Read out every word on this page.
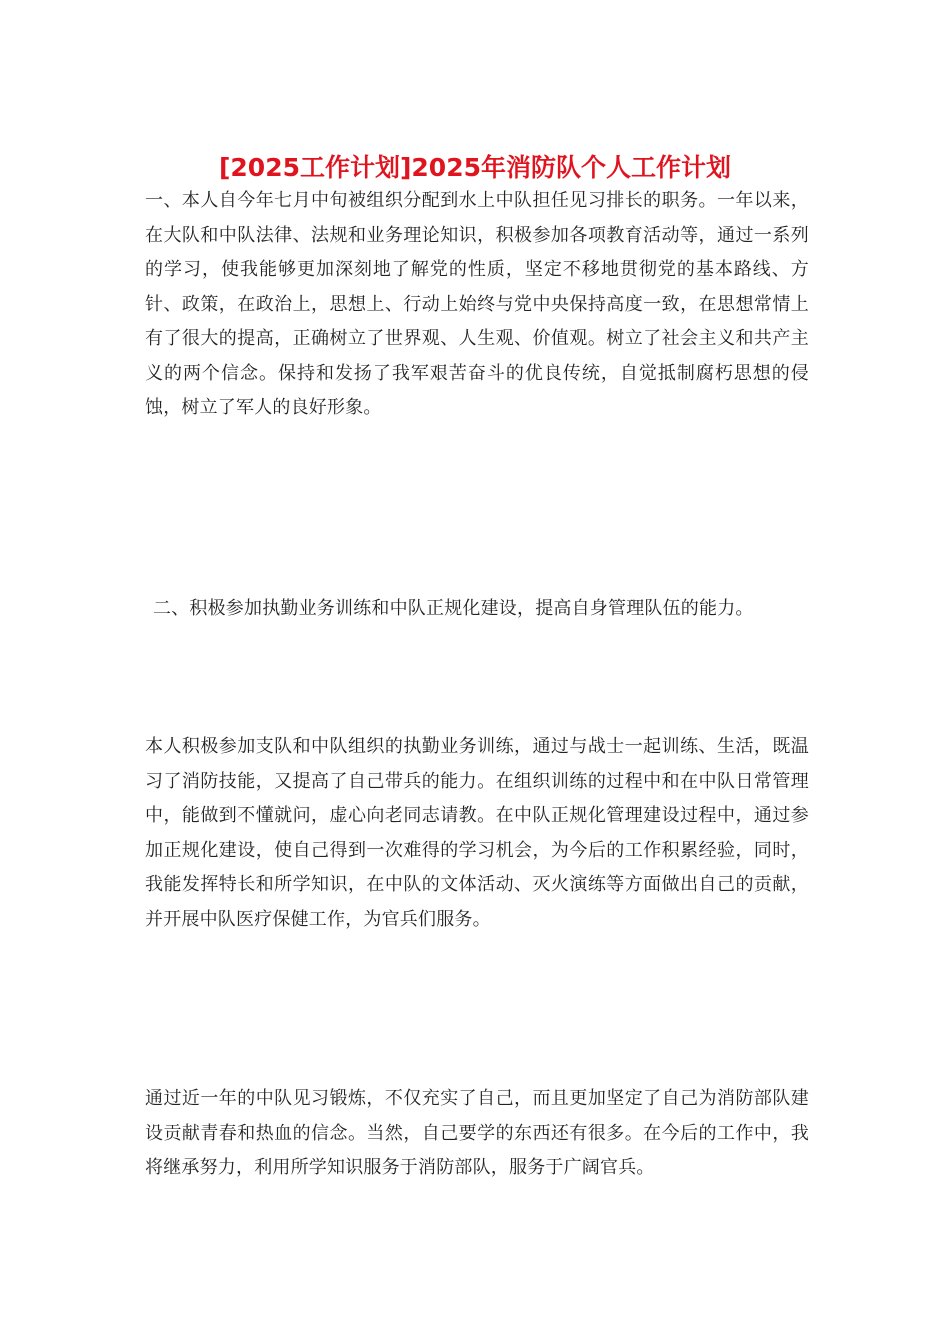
[2025工作计划]2025年消防队个人工作计划

一、本人自今年七月中旬被组织分配到水上中队担任见习排长的职务。一年以来，在大队和中队法律、法规和业务理论知识，积极参加各项教育活动等，通过一系列的学习，使我能够更加深刻地了解党的性质，坚定不移地贯彻党的基本路线、方针、政策，在政治上，思想上、行动上始终与党中央保持高度一致，在思想常情上有了很大的提高，正确树立了世界观、人生观、价值观。树立了社会主义和共产主义的两个信念。保持和发扬了我军艰苦奋斗的优良传统，自觉抵制腐朽思想的侵蚀，树立了军人的良好形象。

二、积极参加执勤业务训练和中队正规化建设，提高自身管理队伍的能力。

本人积极参加支队和中队组织的执勤业务训练，通过与战士一起训练、生活，既温习了消防技能，又提高了自己带兵的能力。在组织训练的过程中和在中队日常管理中，能做到不懂就问，虚心向老同志请教。在中队正规化管理建设过程中，通过参加正规化建设，使自己得到一次难得的学习机会，为今后的工作积累经验，同时，我能发挥特长和所学知识，在中队的文体活动、灭火演练等方面做出自己的贡献，并开展中队医疗保健工作，为官兵们服务。

通过近一年的中队见习锻炼，不仅充实了自己，而且更加坚定了自己为消防部队建设贡献青春和热血的信念。当然，自己要学的东西还有很多。在今后的工作中，我将继承努力，利用所学知识服务于消防部队，服务于广阔官兵。
